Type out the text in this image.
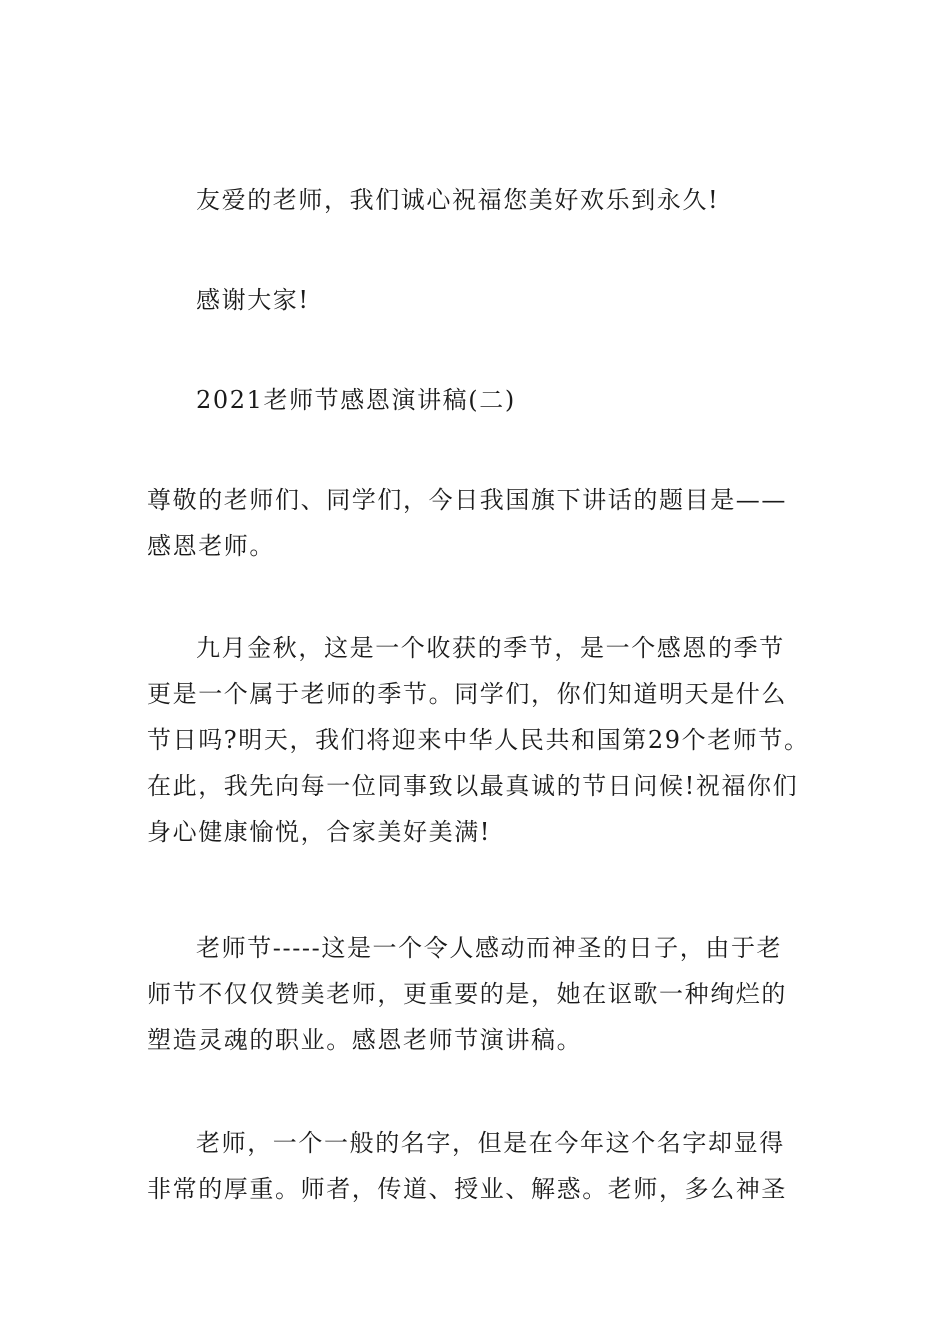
友爱的老师，我们诚心祝福您美好欢乐到永久!
感谢大家!
2021老师节感恩演讲稿(二)
尊敬的老师们、同学们，今日我国旗下讲话的题目是——
感恩老师。
九月金秋，这是一个收获的季节，是一个感恩的季节
更是一个属于老师的季节。同学们，你们知道明天是什么
节日吗?明天，我们将迎来中华人民共和国第29个老师节。
在此，我先向每一位同事致以最真诚的节日问候!祝福你们
身心健康愉悦，合家美好美满!
老师节-----这是一个令人感动而神圣的日子，由于老
师节不仅仅赞美老师，更重要的是，她在讴歌一种绚烂的
塑造灵魂的职业。感恩老师节演讲稿。
老师，一个一般的名字，但是在今年这个名字却显得
非常的厚重。师者，传道、授业、解惑。老师，多么神圣
